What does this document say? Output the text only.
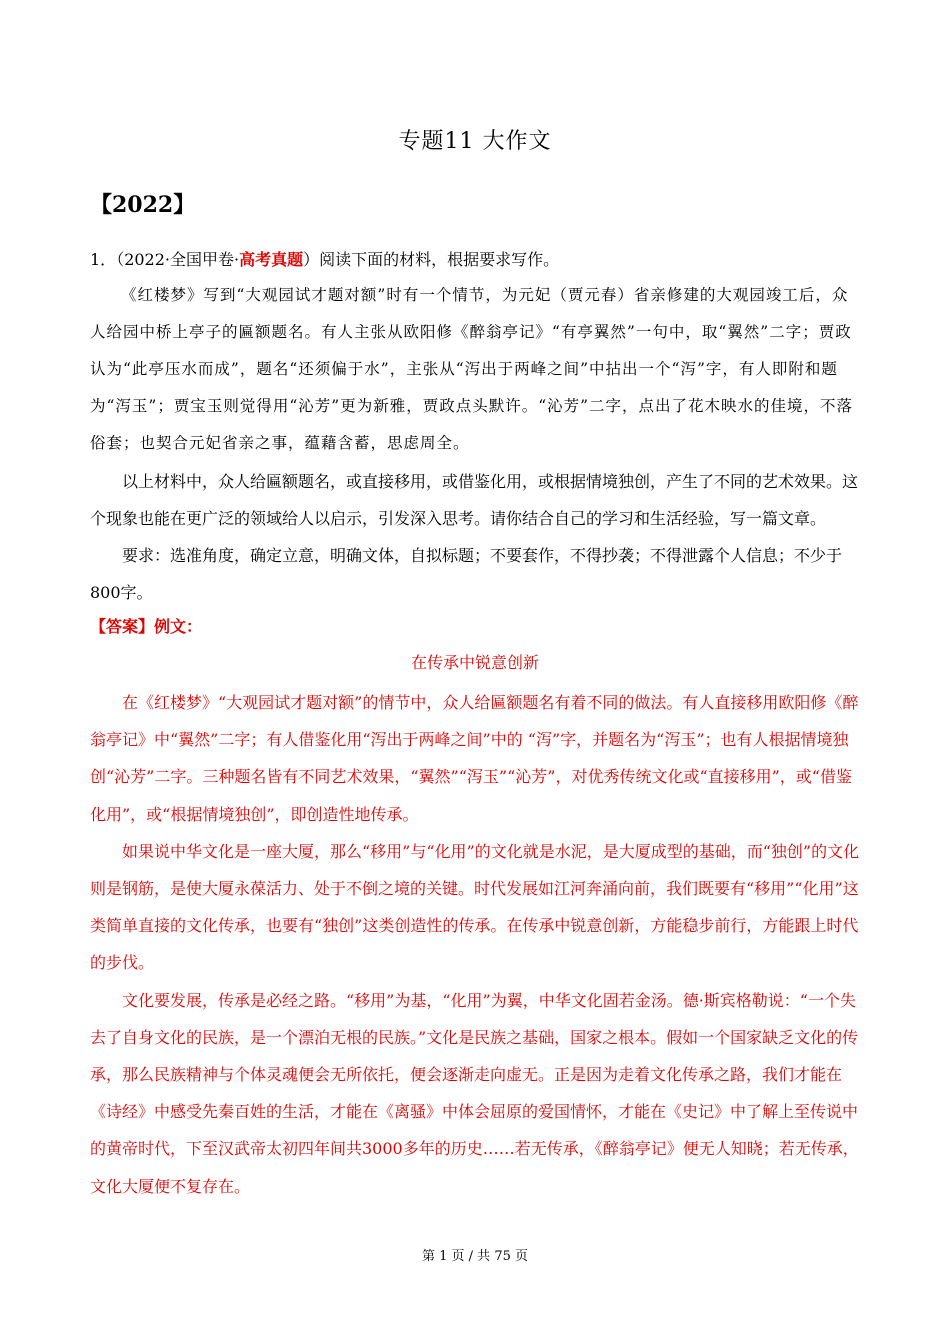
专题11 大作文
【2022】
1．（2022·全国甲卷·高考真题）阅读下面的材料，根据要求写作。

《红楼梦》写到“大观园试才题对额”时有一个情节，为元妃（贾元春）省亲修建的大观园竣工后，众人给园中桥上亭子的匾额题名。有人主张从欧阳修《醉翁亭记》“有亭翼然”一句中，取“翼然”二字；贾政认为“此亭压水而成”，题名“还须偏于水”，主张从“泻出于两峰之间”中拈出一个“泻”字，有人即附和题为“泻玉”；贾宝玉则觉得用“沁芳”更为新雅，贾政点头默许。“沁芳”二字，点出了花木映水的佳境，不落俗套；也契合元妃省亲之事，蕴藉含蓄，思虑周全。

以上材料中，众人给匾额题名，或直接移用，或借鉴化用，或根据情境独创，产生了不同的艺术效果。这个现象也能在更广泛的领域给人以启示，引发深入思考。请你结合自己的学习和生活经验，写一篇文章。

要求：选准角度，确定立意，明确文体，自拟标题；不要套作，不得抄袭；不得泄露个人信息；不少于800字。

【答案】例文：
在传承中锐意创新

在《红楼梦》“大观园试才题对额”的情节中，众人给匾额题名有着不同的做法。有人直接移用欧阳修《醉翁亭记》中“翼然”二字；有人借鉴化用“泻出于两峰之间”中的 “泻”字，并题名为“泻玉”；也有人根据情境独创“沁芳”二字。三种题名皆有不同艺术效果，“翼然”“泻玉”“沁芳”，对优秀传统文化或“直接移用”，或“借鉴化用”，或“根据情境独创”，即创造性地传承。

如果说中华文化是一座大厦，那么“移用”与“化用”的文化就是水泥，是大厦成型的基础，而“独创”的文化则是钢筋，是使大厦永葆活力、处于不倒之境的关键。时代发展如江河奔涌向前，我们既要有“移用”“化用”这类简单直接的文化传承，也要有“独创”这类创造性的传承。在传承中锐意创新，方能稳步前行，方能跟上时代的步伐。

文化要发展，传承是必经之路。“移用”为基，“化用”为翼，中华文化固若金汤。德·斯宾格勒说：“一个失去了自身文化的民族，是一个漂泊无根的民族。”文化是民族之基础，国家之根本。假如一个国家缺乏文化的传承，那么民族精神与个体灵魂便会无所依托，便会逐渐走向虚无。正是因为走着文化传承之路，我们才能在《诗经》中感受先秦百姓的生活，才能在《离骚》中体会屈原的爱国情怀，才能在《史记》中了解上至传说中的黄帝时代，下至汉武帝太初四年间共3000多年的历史……若无传承，《醉翁亭记》便无人知晓；若无传承，文化大厦便不复存在。

第 1 页 / 共 75 页
